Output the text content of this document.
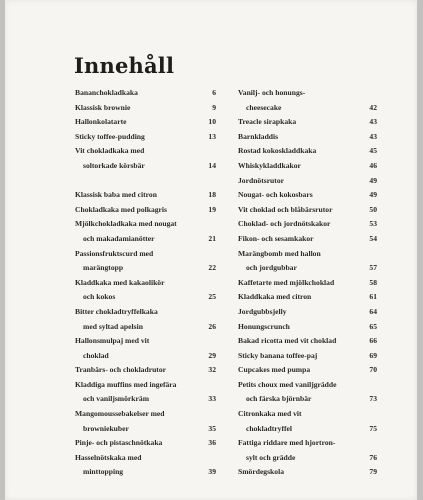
Innehåll
Bananchokladkaka	6
Klassisk brownie	9
Hallonkolatarte	10
Sticky toffee-pudding	13
Vit chokladkaka med
soltorkade körsbär	14
Klassisk baba med citron	18
Chokladkaka med polkagris	19
Mjölkchokladkaka med nougat
och makadamianötter	21
Passionsfruktscurd med
marängtopp	22
Kladdkaka med kakaolikör
och kokos	25
Bitter chokladtryffelkaka
med syltad apelsin	26
Hallonsmulpaj med vit
choklad	29
Tranbärs- och chokladrutor	32
Kladdiga muffins med ingefära
och vaniljsmörkräm	33
Mangomoussebakelser med
browniekuber	35
Pinje- och pistaschnötkaka	36
Hasselnötskaka med
minttopping	39
Vanilj- och honungs-
cheesecake	42
Treacle sirapkaka	43
Barnkladdis	43
Rostad kokoskladdkaka	45
Whiskykladdkakor	46
Jordnötsrutor	49
Nougat- och kokosbars	49
Vit choklad och blåbärsrutor	50
Choklad- och jordnötskakor	53
Fikon- och sesamkakor	54
Marängbomb med hallon
och jordgubbar	57
Kaffetarte med mjölkchoklad	58
Kladdkaka med citron	61
Jordgubbsjelly	64
Honungscrunch	65
Bakad ricotta med vit choklad	66
Sticky banana toffee-paj	69
Cupcakes med pumpa	70
Petits choux med vaniljgrädde
och färska björnbär	73
Citronkaka med vit
chokladtryffel	75
Fattiga riddare med hjortron-
sylt och grädde	76
Smördegskola	79
